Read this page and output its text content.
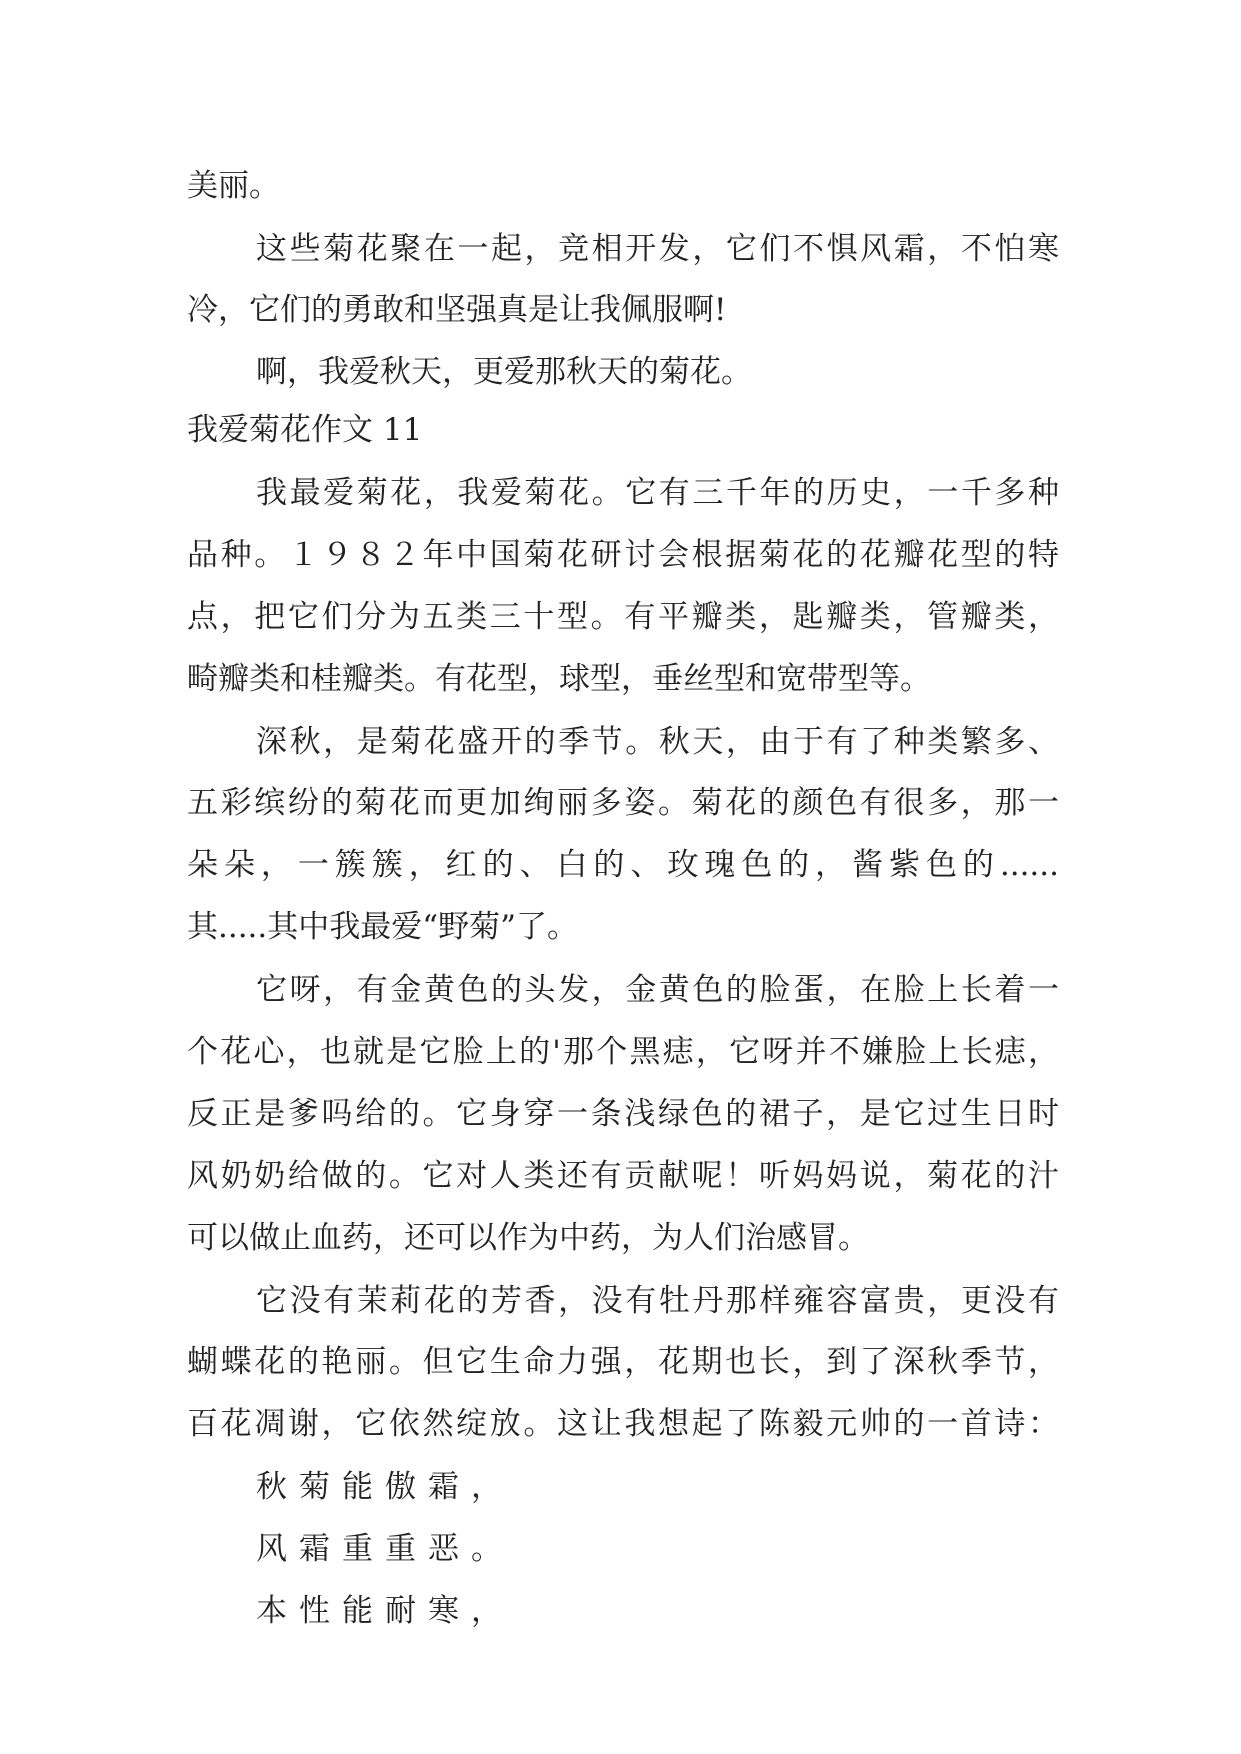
美丽。
这些菊花聚在一起，竞相开发，它们不惧风霜，不怕寒
冷，它们的勇敢和坚强真是让我佩服啊!
啊，我爱秋天，更爱那秋天的菊花。
我爱菊花作文 11
我最爱菊花，我爱菊花。它有三千年的历史，一千多种
品种。１９８２年中国菊花研讨会根据菊花的花瓣花型的特
点，把它们分为五类三十型。有平瓣类，匙瓣类，管瓣类，
畸瓣类和桂瓣类。有花型，球型，垂丝型和宽带型等。
深秋，是菊花盛开的季节。秋天，由于有了种类繁多、
五彩缤纷的菊花而更加绚丽多姿。菊花的颜色有很多，那一
朵朵，一簇簇，红的、白的、玫瑰色的，酱紫色的......
其.....其中我最爱“野菊”了。
它呀，有金黄色的头发，金黄色的脸蛋，在脸上长着一
个花心，也就是它脸上的'那个黑痣，它呀并不嫌脸上长痣，
反正是爹吗给的。它身穿一条浅绿色的裙子，是它过生日时
风奶奶给做的。它对人类还有贡献呢！听妈妈说，菊花的汁
可以做止血药，还可以作为中药，为人们治感冒。
它没有茉莉花的芳香，没有牡丹那样雍容富贵，更没有
蝴蝶花的艳丽。但它生命力强，花期也长，到了深秋季节，
百花凋谢，它依然绽放。这让我想起了陈毅元帅的一首诗：
秋菊能傲霜，
风霜重重恶。
本性能耐寒，
